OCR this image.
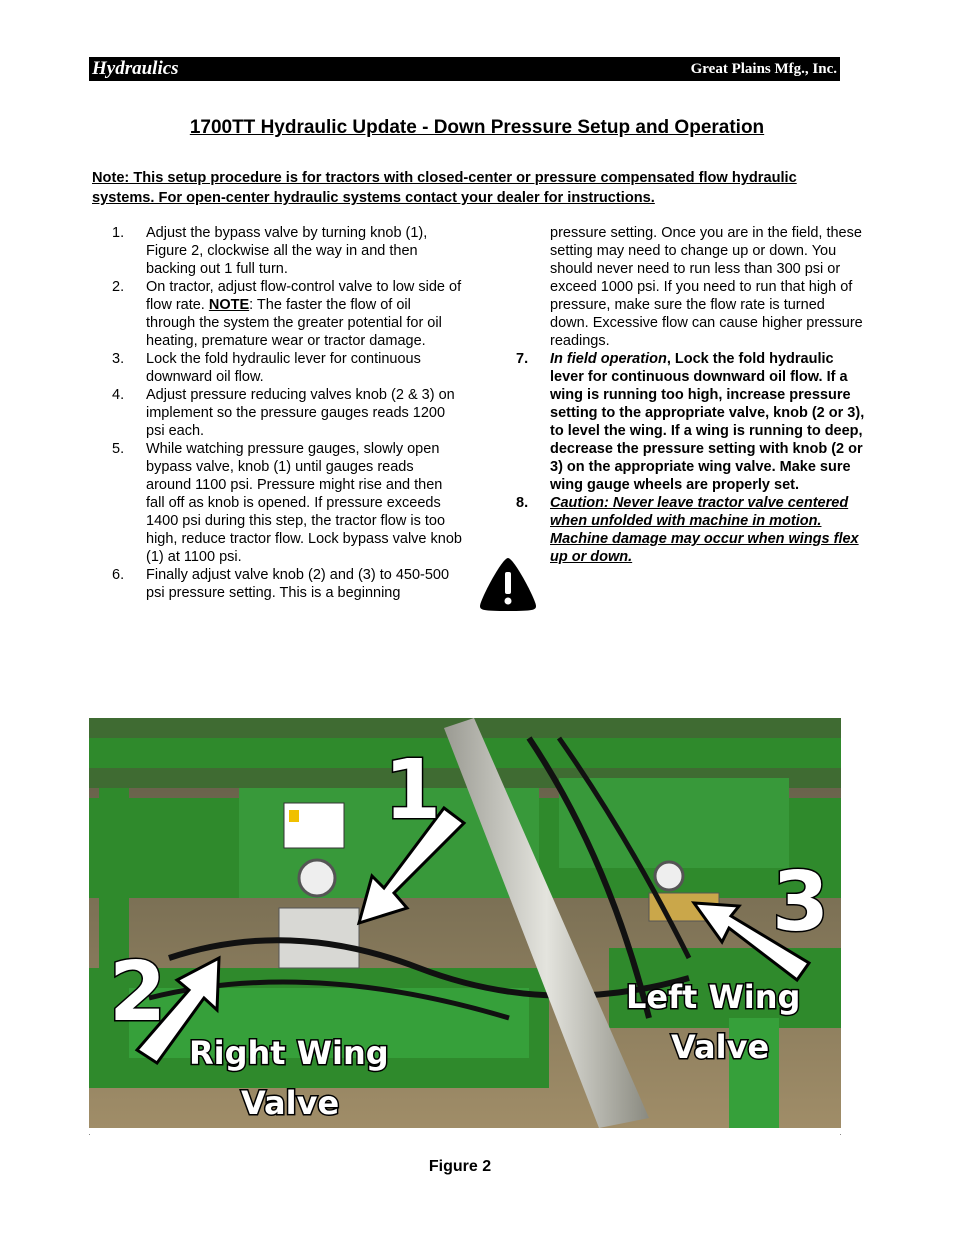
Hydraulics	Great Plains Mfg., Inc.
1700TT Hydraulic Update - Down Pressure Setup and Operation
Note: This setup procedure is for tractors with closed-center or pressure compensated flow hydraulic systems. For open-center hydraulic systems contact your dealer for instructions.
1.	Adjust the bypass valve by turning knob (1), Figure 2, clockwise all the way in and then backing out 1 full turn.
2.	On tractor, adjust flow-control valve to low side of flow rate. NOTE: The faster the flow of oil through the system the greater potential for oil heating, premature wear or tractor damage.
3.	Lock the fold hydraulic lever for continuous downward oil flow.
4.	Adjust pressure reducing valves knob (2 & 3) on implement so the pressure gauges reads 1200 psi each.
5.	While watching pressure gauges, slowly open bypass valve, knob (1) until gauges reads around 1100 psi. Pressure might rise and then fall off as knob is opened. If pressure exceeds 1400 psi during this step, the tractor flow is too high, reduce tractor flow. Lock bypass valve knob (1) at 1100 psi.
6.	Finally adjust valve knob (2) and (3) to 450-500 psi pressure setting. This is a beginning
pressure setting. Once you are in the field, these setting may need to change up or down. You should never need to run less than 300 psi or exceed 1000 psi. If you need to run that high of pressure, make sure the flow rate is turned down. Excessive flow can cause higher pressure readings.
7.	In field operation, Lock the fold hydraulic lever for continuous downward oil flow. If a wing is running too high, increase pressure setting to the appropriate valve, knob (2 or 3), to level the wing. If a wing is running to deep, decrease the pressure setting with knob (2 or 3) on the appropriate wing valve. Make sure wing gauge wheels are properly set.
8.	Caution: Never leave tractor valve centered when unfolded with machine in motion. Machine damage may occur when wings flex up or down.
1
2
3
Right Wing
Valve
Left Wing
Valve
Figure 2
